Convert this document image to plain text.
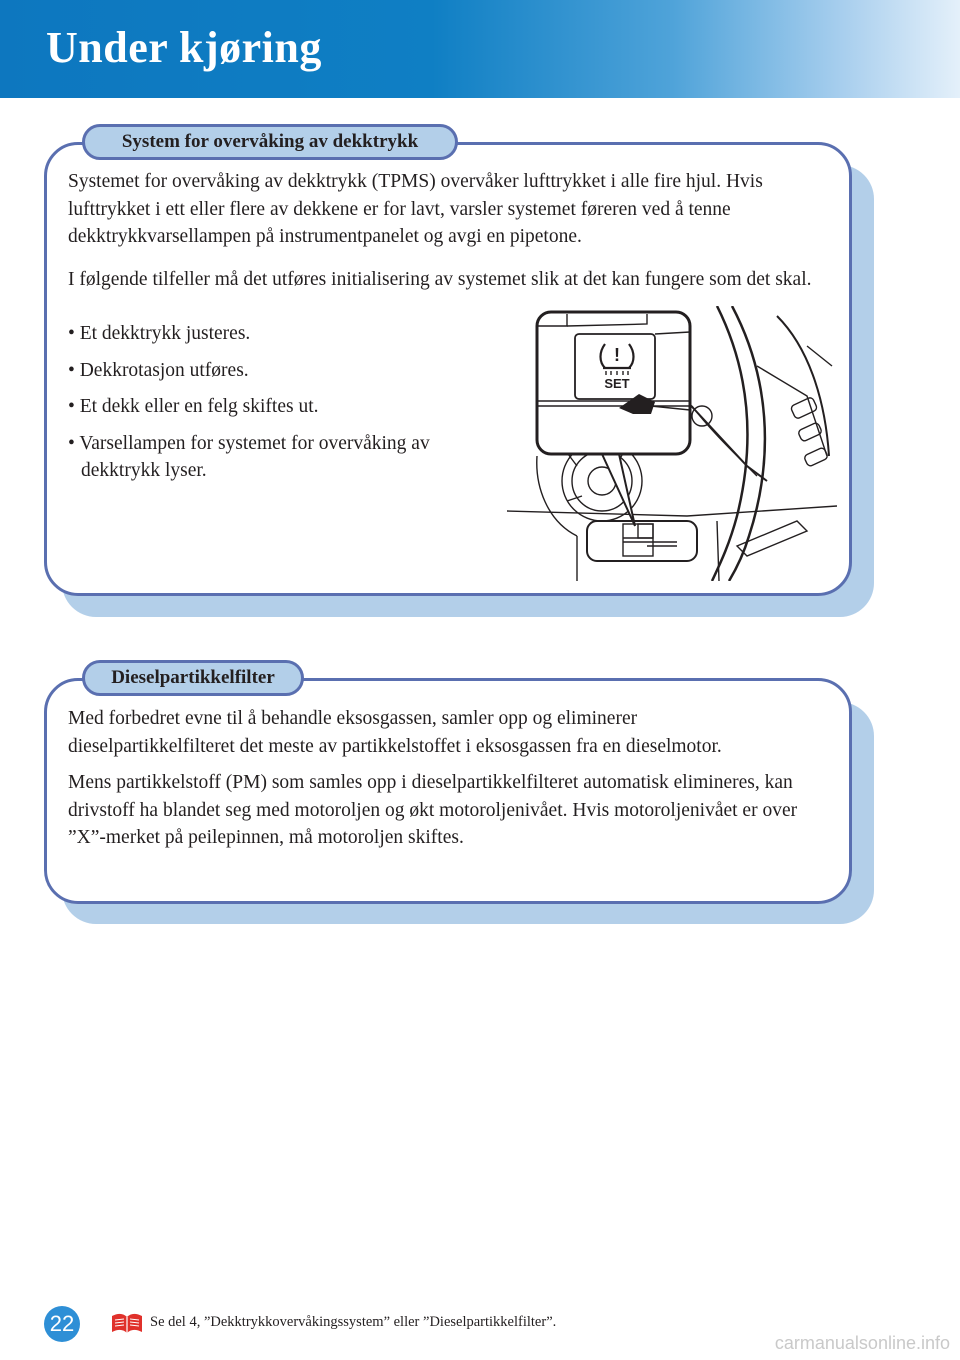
Under kjøring
System for overvåking av dekktrykk

Systemet for overvåking av dekktrykk (TPMS) overvåker lufttrykket i alle fire hjul. Hvis lufttrykket i ett eller flere av dekkene er for lavt, varsler systemet føreren ved å tenne dekktrykkvarsellampen på instrumentpanelet og avgi en pipetone.

I følgende tilfeller må det utføres initialisering av systemet slik at det kan fungere som det skal.

• Et dekktrykk justeres.

• Dekkrotasjon utføres.

• Et dekk eller en felg skiftes ut.

• Varsellampen for systemet for overvåking av dekktrykk lyser.

!
SET
Dieselpartikkelfilter

Med forbedret evne til å behandle eksosgassen, samler opp og eliminerer dieselpartikkelfilteret det meste av partikkelstoffet i eksosgassen fra en dieselmotor.

Mens partikkelstoff (PM) som samles opp i dieselpartikkelfilteret automatisk elimineres, kan drivstoff ha blandet seg med motoroljen og økt motoroljenivået. Hvis motoroljenivået er over ”X”-merket på peilepinnen, må motoroljen skiftes.

22	Se del 4, ”Dekktrykkovervåkingssystem” eller ”Dieselpartikkelfilter”.
carmanualsonline.info
